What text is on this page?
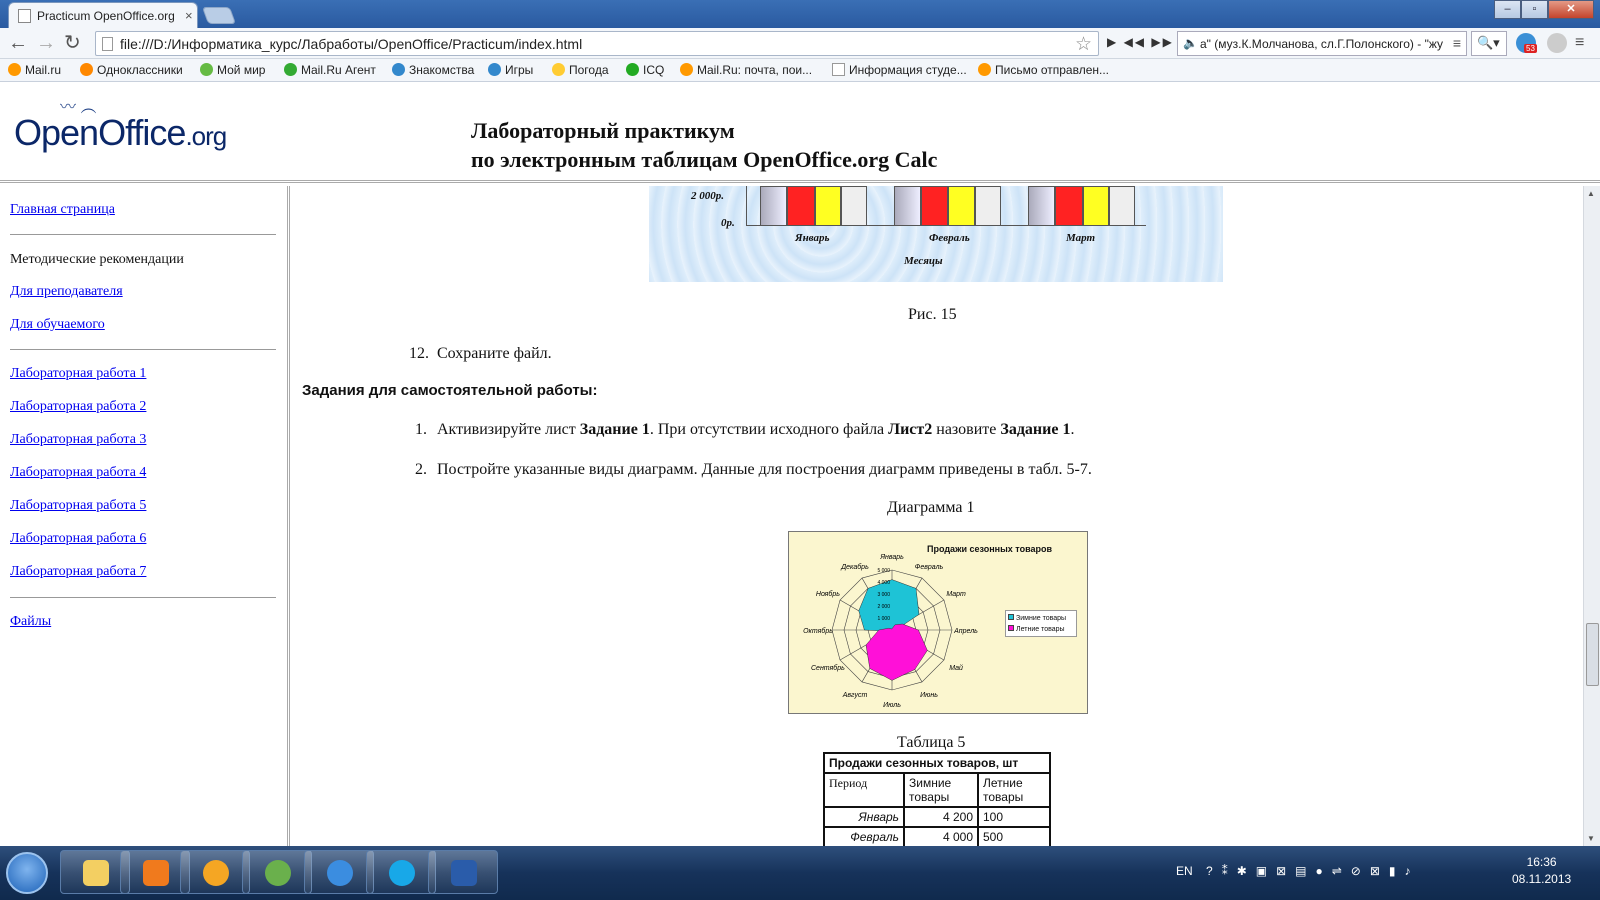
Practicum OpenOffice.org ×	–	▫	✕
← → ↻	file:///D:/Информатика_курс/Лабработы/OpenOffice/Practicum/index.html	☆ ▶ ◀◀ ▶▶ 🔈 a" (муз.К.Молчанова, сл.Г.Полонского) - "жу ≡	🔍▾	53	≡
Mail.ru	Одноклассники	Мой мир	Mail.Ru Агент	Знакомства	Игры	Погода	ICQ	Mail.Ru: почта, пои...	Информация студе...	Письмо отправлен...
〰 ︵
OpenOffice.org	Лабораторный практикум
по электронным таблицам OpenOffice.org Calc
Главная страница
Методические рекомендации
Для преподавателя
Для обучаемого
Лабораторная работа 1
Лабораторная работа 2
Лабораторная работа 3
Лабораторная работа 4
Лабораторная работа 5
Лабораторная работа 6
Лабораторная работа 7
Файлы
2 000р.
0р.
Январь	Февраль	Март
Месяцы
Рис. 15
12. Сохраните файл.
Задания для самостоятельной работы:
1. Активизируйте лист Задание 1. При отсутствии исходного файла Лист2 назовите Задание 1.
2. Постройте указанные виды диаграмм. Данные для построения диаграмм приведены в табл. 5-7.
Диаграмма 1
Продажи сезонных товаров
Январь
Февраль
Март
Апрель
Май
Июнь
Июль
Август
Сентябрь
Октябрь
Ноябрь
Декабрь
1 000
2 000
3 000
4 000
5 000
Зимние товары
Летние товары
Таблица 5
Продажи сезонных товаров, шт		
Период	Зимние товары	Летние товары
Январь	4 200	100
Февраль	4 000	500
▲
▼
EN ?⁑✱▣⊠▤●⇌⊘⊠▮♪
16:36
08.11.2013
